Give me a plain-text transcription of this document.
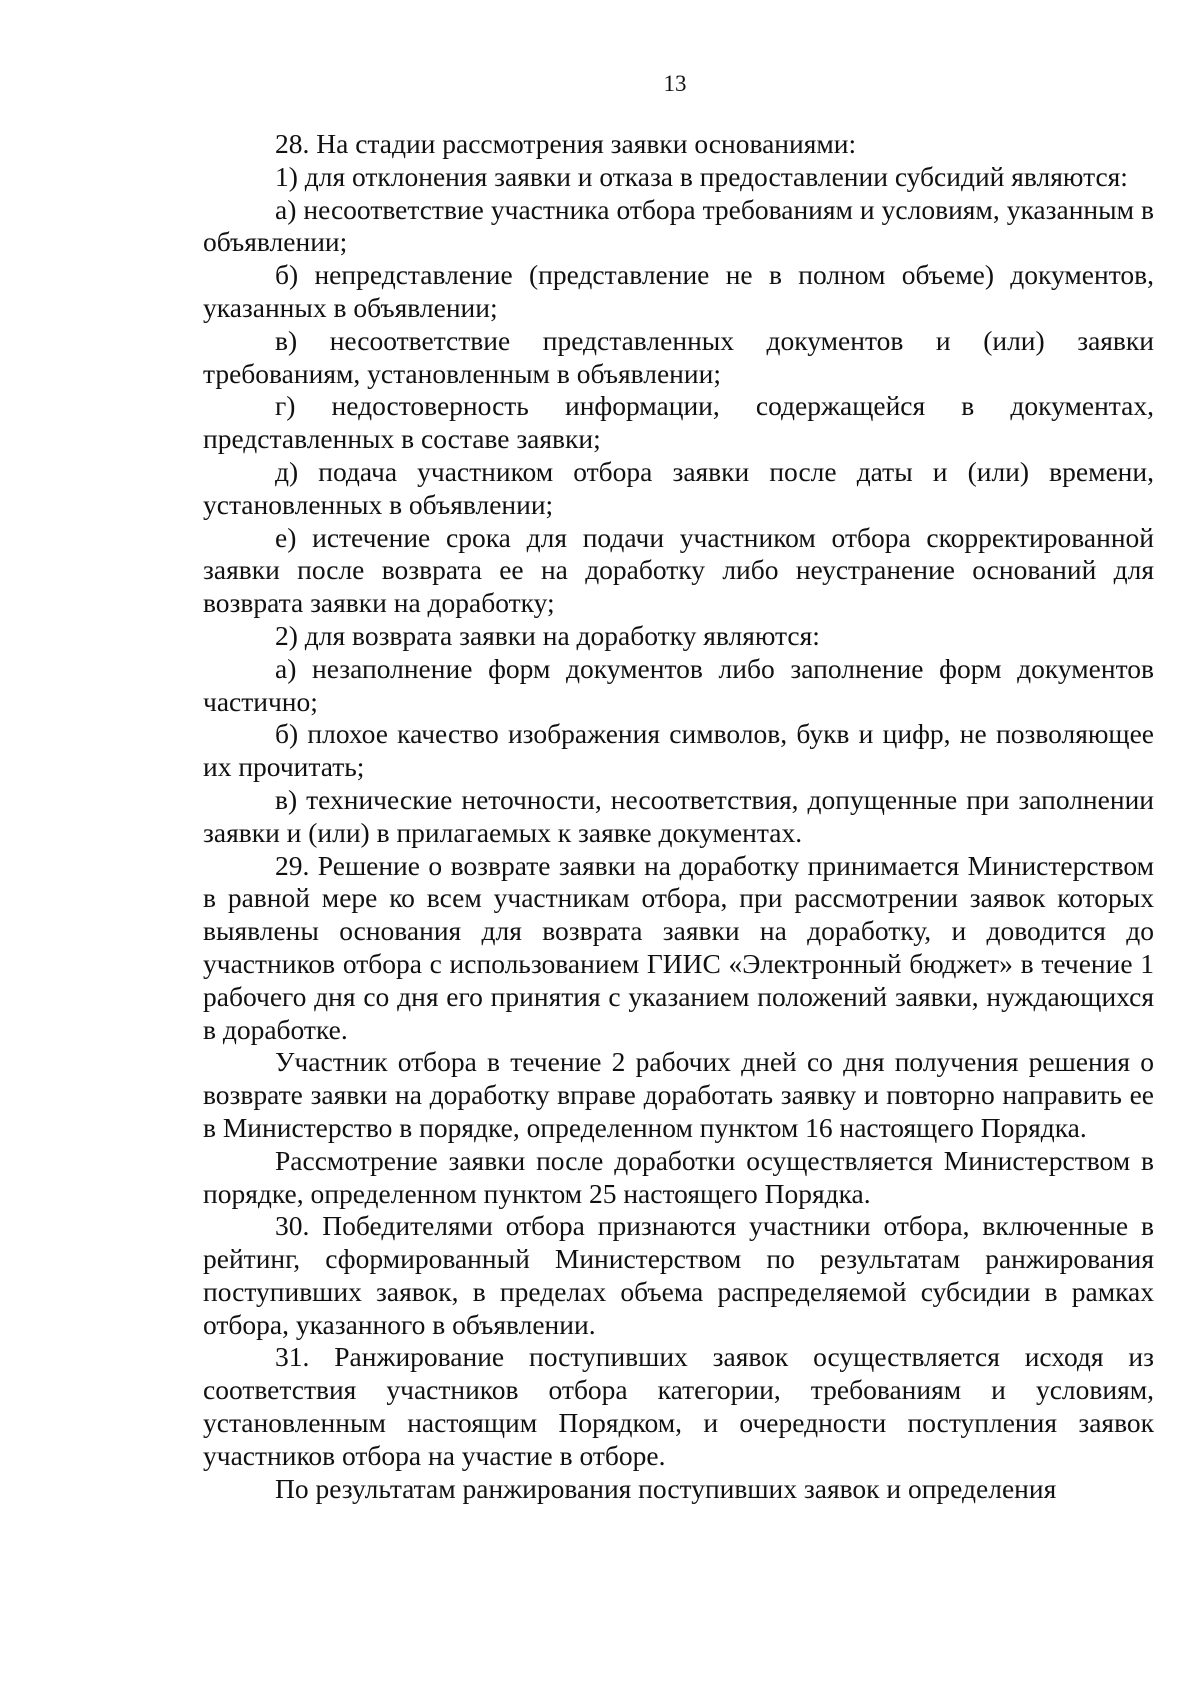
13

28. На стадии рассмотрения заявки основаниями:

1) для отклонения заявки и отказа в предоставлении субсидий являются:

а) несоответствие участника отбора требованиям и условиям, указанным в объявлении;

б) непредставление (представление не в полном объеме) документов, указанных в объявлении;

в) несоответствие представленных документов и (или) заявки требованиям, установленным в объявлении;

г) недостоверность информации, содержащейся в документах, представленных в составе заявки;

д) подача участником отбора заявки после даты и (или) времени, установленных в объявлении;

е) истечение срока для подачи участником отбора скорректированной заявки после возврата ее на доработку либо неустранение оснований для возврата заявки на доработку;

2) для возврата заявки на доработку являются:

а) незаполнение форм документов либо заполнение форм документов частично;

б) плохое качество изображения символов, букв и цифр, не позволяющее их прочитать;

в) технические неточности, несоответствия, допущенные при заполнении заявки и (или) в прилагаемых к заявке документах.

29. Решение о возврате заявки на доработку принимается Министерством в равной мере ко всем участникам отбора, при рассмотрении заявок которых выявлены основания для возврата заявки на доработку, и доводится до участников отбора с использованием ГИИС «Электронный бюджет» в течение 1 рабочего дня со дня его принятия с указанием положений заявки, нуждающихся в доработке.

Участник отбора в течение 2 рабочих дней со дня получения решения о возврате заявки на доработку вправе доработать заявку и повторно направить ее в Министерство в порядке, определенном пунктом 16 настоящего Порядка.

Рассмотрение заявки после доработки осуществляется Министерством в порядке, определенном пунктом 25 настоящего Порядка.

30. Победителями отбора признаются участники отбора, включенные в рейтинг, сформированный Министерством по результатам ранжирования поступивших заявок, в пределах объема распределяемой субсидии в рамках отбора, указанного в объявлении.

31. Ранжирование поступивших заявок осуществляется исходя из соответствия участников отбора категории, требованиям и условиям, установленным настоящим Порядком, и очередности поступления заявок участников отбора на участие в отборе.

По результатам ранжирования поступивших заявок и определения
